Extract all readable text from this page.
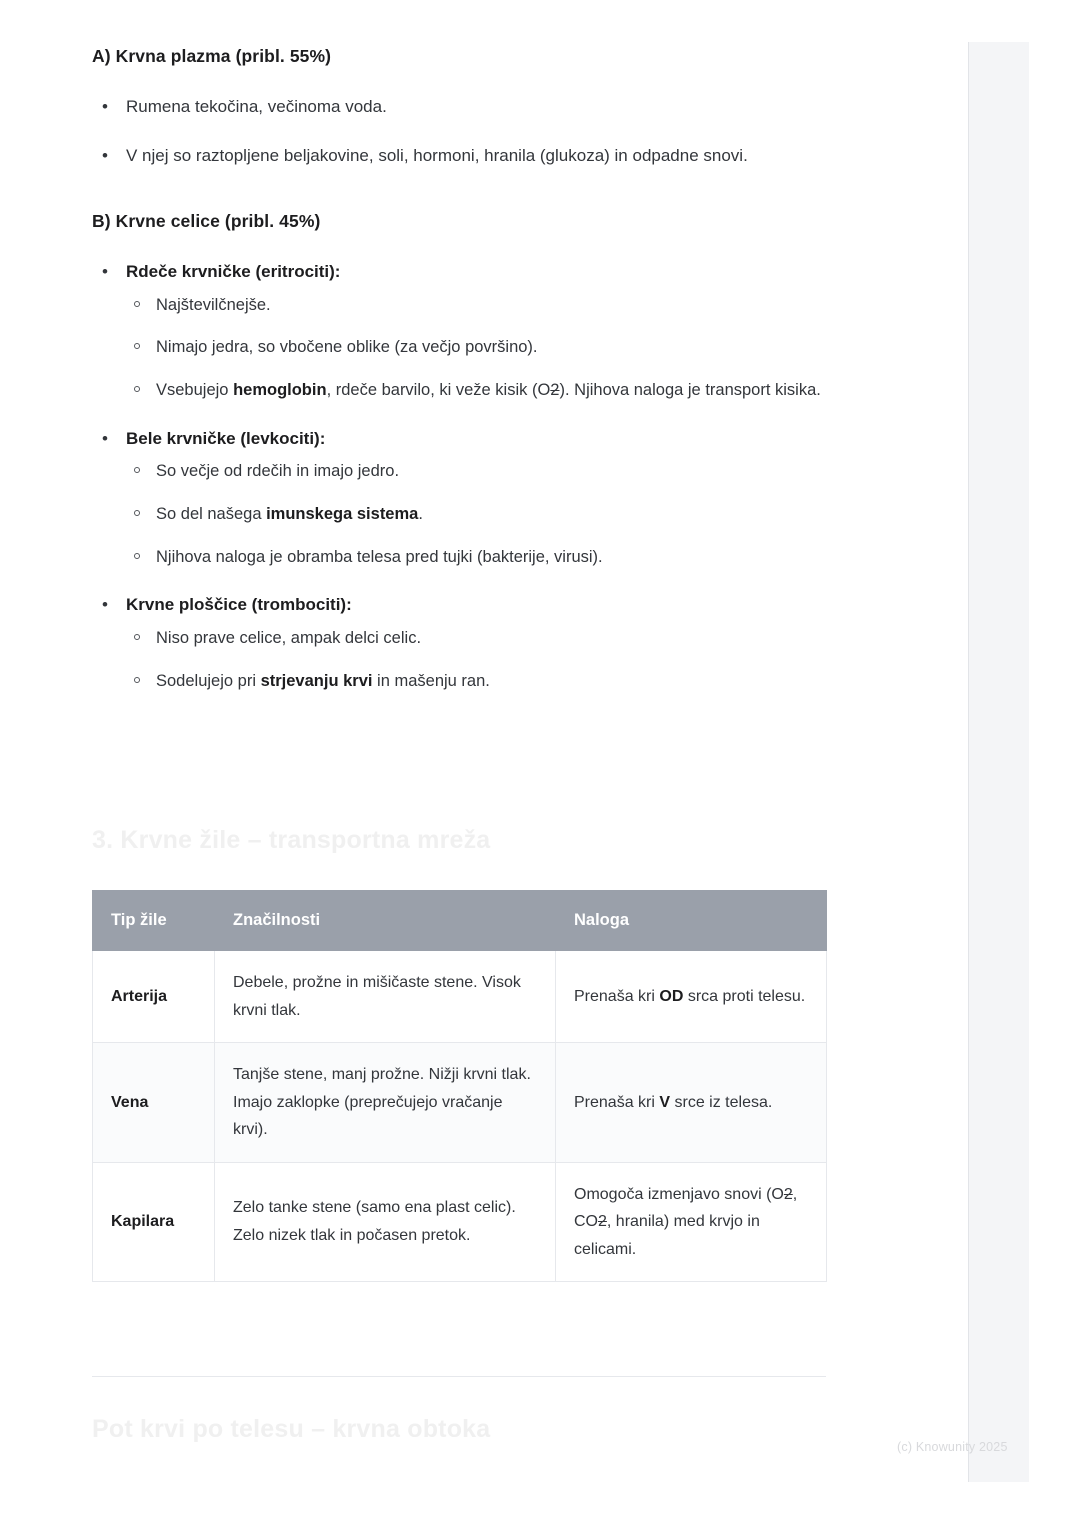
A) Krvna plazma (pribl. 55%)
• Rumena tekočina, večinoma voda.
• V njej so raztopljene beljakovine, soli, hormoni, hranila (glukoza) in odpadne snovi.
B) Krvne celice (pribl. 45%)
• Rdeče krvničke (eritrociti):
Najštevilčnejše.
Nimajo jedra, so vbočene oblike (za večjo površino).
Vsebujejo hemoglobin, rdeče barvilo, ki veže kisik (O2). Njihova naloga je transport kisika.
• Bele krvničke (levkociti):
So večje od rdečih in imajo jedro.
So del našega imunskega sistema.
Njihova naloga je obramba telesa pred tujki (bakterije, virusi).
• Krvne ploščice (trombociti):
Niso prave celice, ampak delci celic.
Sodelujejo pri strjevanju krvi in mašenju ran.

3. Krvne žile – transportna mreža

Tip žile	Značilnosti	Naloga
Arterija	Debele, prožne in mišičaste stene. Visok krvni tlak.	Prenaša kri OD srca proti telesu.
Vena	Tanjše stene, manj prožne. Nižji krvni tlak. Imajo zaklopke (preprečujejo vračanje krvi).	Prenaša kri V srce iz telesa.
Kapilara	Zelo tanke stene (samo ena plast celic). Zelo nizek tlak in počasen pretok.	Omogoča izmenjavo snovi (O2, CO2, hranila) med krvjo in celicami.

Pot krvi po telesu – krvna obtoka

(c) Knowunity 2025
